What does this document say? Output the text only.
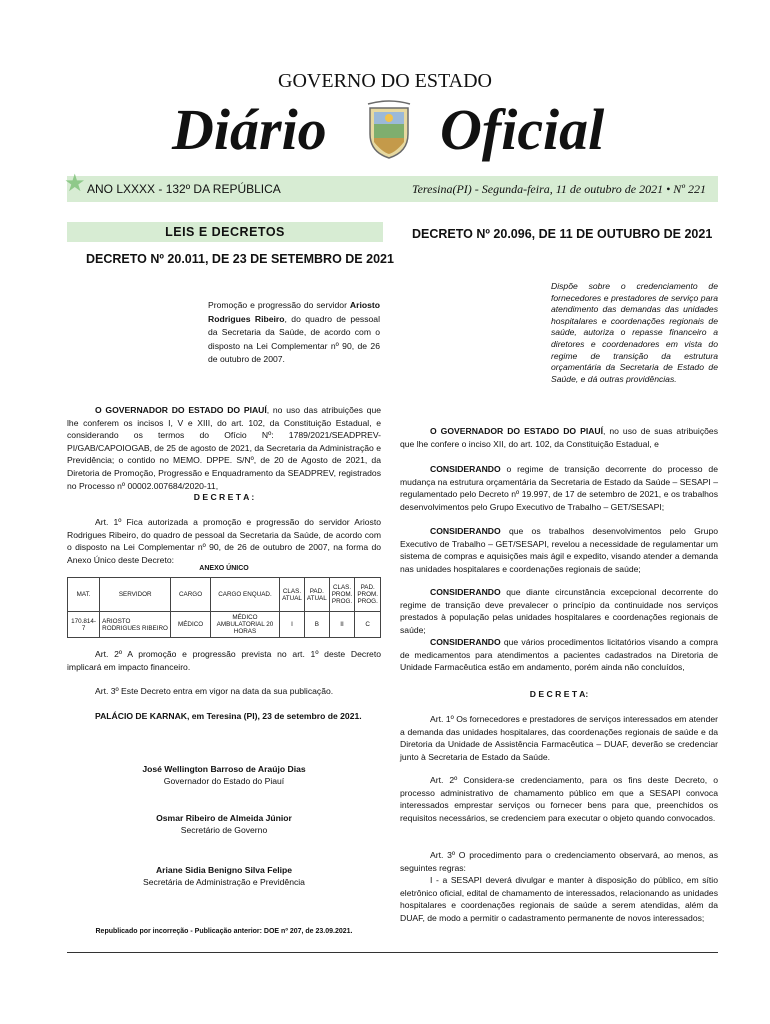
GOVERNO DO ESTADO
Diário Oficial
ANO LXXXX - 132º DA REPÚBLICA	Teresina(PI) - Segunda-feira, 11 de outubro de 2021 • Nº 221
★
LEIS E DECRETOS
DECRETO Nº 20.011, DE 23 DE SETEMBRO DE 2021

Promoção e progressão do servidor Ariosto Rodrigues Ribeiro, do quadro de pessoal da Secretaria da Saúde, de acordo com o disposto na Lei Complementar nº 90, de 26 de outubro de 2007.

O GOVERNADOR DO ESTADO DO PIAUÍ, no uso das atribuições que lhe conferem os incisos I, V e XIII, do art. 102, da Constituição Estadual, e considerando os termos do Ofício Nº: 1789/2021/SEADPREV-PI/GAB/CAPOIOGAB, de 25 de agosto de 2021, da Secretaria da Administração e Previdência; o contido no MEMO. DPPE. S/Nº, de 20 de Agosto de 2021, da Diretoria de Promoção, Progressão e Enquadramento da SEADPREV, registrados no Processo nº 00002.007684/2020-11,

D E C R E T A :

Art. 1º Fica autorizada a promoção e progressão do servidor Ariosto Rodrigues Ribeiro, do quadro de pessoal da Secretaria da Saúde, de acordo com o disposto na Lei Complementar nº 90, de 26 de outubro de 2007, na forma do Anexo Único deste Decreto:

ANEXO ÚNICO
MAT.	SERVIDOR	CARGO	CARGO ENQUAD.	CLAS. ATUAL	PAD. ATUAL	CLAS. PROM. PROG.	PAD. PROM. PROG.
170.814-7	ARIOSTO RODRIGUES RIBEIRO	MÉDICO	MÉDICO AMBULATORIAL 20 HORAS	I	B	II	C

Art. 2º A promoção e progressão prevista no art. 1º deste Decreto implicará em impacto financeiro.

Art. 3º Este Decreto entra em vigor na data da sua publicação.

PALÁCIO DE KARNAK, em Teresina (PI), 23 de setembro de 2021.

José Wellington Barroso de Araújo Dias
Governador do Estado do Piauí
Osmar Ribeiro de Almeida Júnior
Secretário de Governo
Ariane Sidia Benigno Silva Felipe
Secretária de Administração e Previdência
Republicado por incorreção - Publicação anterior: DOE nº 207, de 23.09.2021.
DECRETO Nº 20.096, DE 11 DE OUTUBRO DE 2021

Dispõe sobre o credenciamento de fornecedores e prestadores de serviço para atendimento das demandas das unidades hospitalares e coordenações regionais de saúde, autoriza o repasse financeiro a diretores e coordenadores em vista do regime de transição da estrutura orçamentária da Secretaria de Estado de Saúde, e dá outras providências.

O GOVERNADOR DO ESTADO DO PIAUÍ, no uso de suas atribuições que lhe confere o inciso XII, do art. 102, da Constituição Estadual, e

CONSIDERANDO o regime de transição decorrente do processo de mudança na estrutura orçamentária da Secretaria de Estado da Saúde – SESAPI – regulamentado pelo Decreto nº 19.997, de 17 de setembro de 2021, e os trabalhos desenvolvimentos pelo Grupo Executivo de Trabalho – GET/SESAPI;

CONSIDERANDO que os trabalhos desenvolvimentos pelo Grupo Executivo de Trabalho – GET/SESAPI, revelou a necessidade de regulamentar um sistema de compras e aquisições mais ágil e expedito, visando atender a demanda nas unidades hospitalares e coordenações regionais de saúde;

CONSIDERANDO que diante circunstância excepcional decorrente do regime de transição deve prevalecer o princípio da continuidade nos serviços prestados à população pelas unidades hospitalares e coordenações regionais de saúde;

CONSIDERANDO que vários procedimentos licitatórios visando a compra de medicamentos para atendimentos a pacientes cadastrados na Diretoria de Unidade Farmacêutica estão em andamento, porém ainda não concluídos,

D E C R E T A:

Art. 1º Os fornecedores e prestadores de serviços interessados em atender a demanda das unidades hospitalares, das coordenações regionais de saúde e da Diretoria da Unidade de Assistência Farmacêutica – DUAF, deverão se credenciar junto à Secretaria de Estado da Saúde.

Art. 2º Considera-se credenciamento, para os fins deste Decreto, o processo administrativo de chamamento público em que a SESAPI convoca interessados emprestar serviços ou fornecer bens para que, preenchidos os requisitos necessários, se credenciem para executar o objeto quando convocados.

Art. 3º O procedimento para o credenciamento observará, ao menos, as seguintes regras:

I - a SESAPI deverá divulgar e manter à disposição do público, em sítio eletrônico oficial, edital de chamamento de interessados, relacionando as unidades hospitalares e coordenações regionais de saúde a serem atendidas, além da DUAF, de modo a permitir o cadastramento permanente de novos interessados;
